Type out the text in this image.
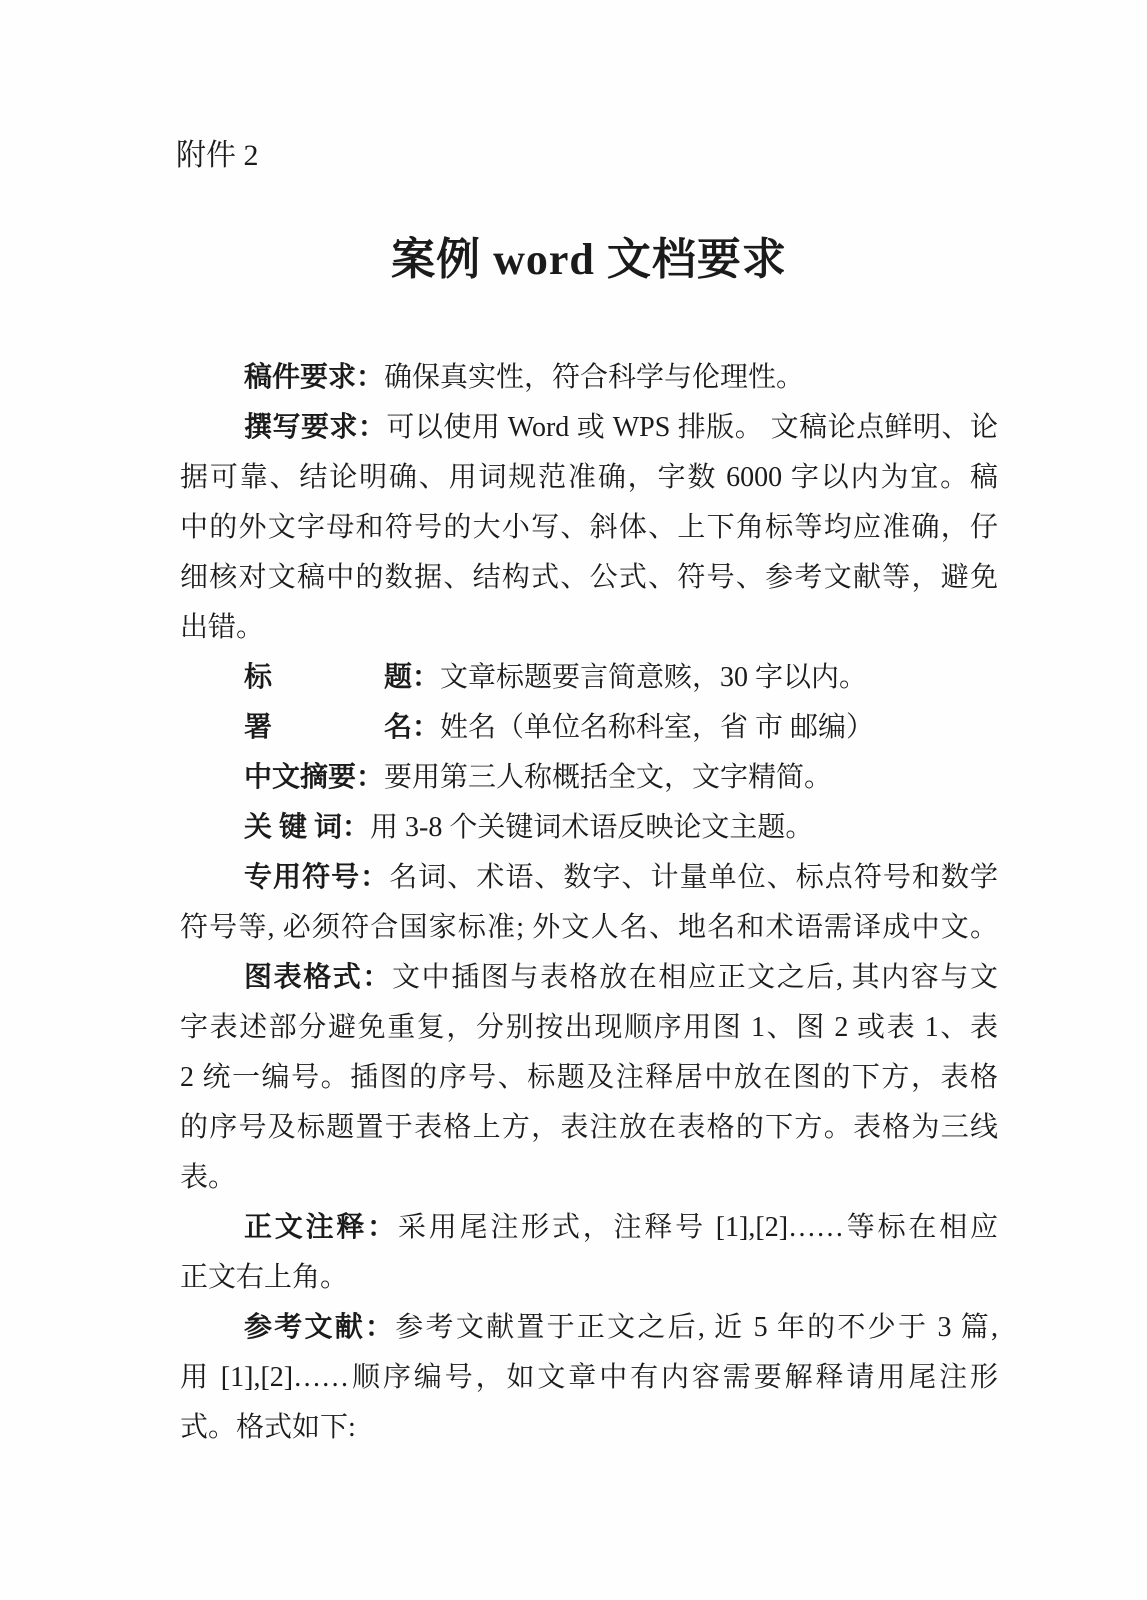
附件 2
案例 word 文档要求
稿件要求：确保真实性，符合科学与伦理性。
撰写要求：可以使用 Word 或 WPS 排版。 文稿论点鲜明、论
据可靠、结论明确、用词规范准确，字数 6000 字以内为宜。稿
中的外文字母和符号的大小写、斜体、上下角标等均应准确，仔
细核对文稿中的数据、结构式、公式、符号、参考文献等，避免
出错。
标　　　　题：文章标题要言简意赅，30 字以内。
署　　　　名：姓名（单位名称科室，省 市 邮编）
中文摘要：要用第三人称概括全文，文字精简。
关 键 词：用 3-8 个关键词术语反映论文主题。
专用符号：名词、术语、数字、计量单位、标点符号和数学
符号等, 必须符合国家标准; 外文人名、地名和术语需译成中文。
图表格式：文中插图与表格放在相应正文之后, 其内容与文
字表述部分避免重复，分别按出现顺序用图 1、图 2 或表 1、表
2 统一编号。插图的序号、标题及注释居中放在图的下方，表格
的序号及标题置于表格上方，表注放在表格的下方。表格为三线
表。
正文注释：采用尾注形式，注释号 [1],[2]……等标在相应
正文右上角。
参考文献：参考文献置于正文之后, 近 5 年的不少于 3 篇,
用 [1],[2]……顺序编号，如文章中有内容需要解释请用尾注形
式。格式如下:
